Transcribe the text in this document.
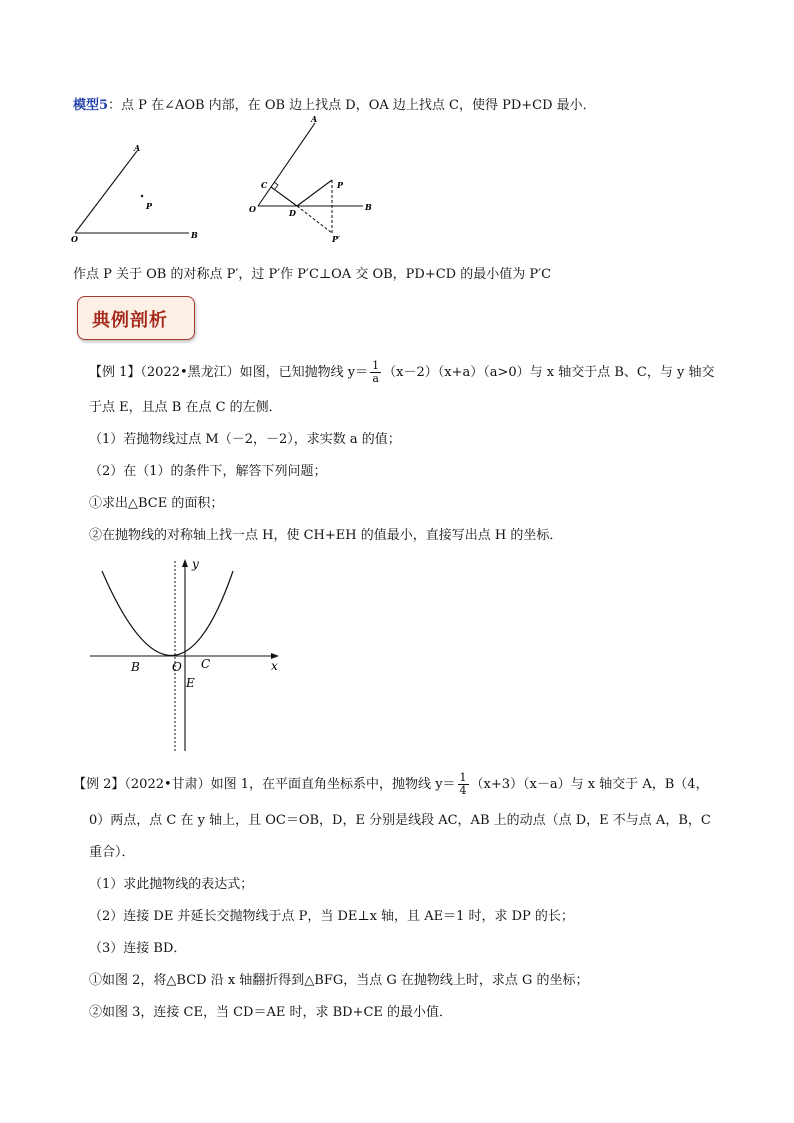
模型5：点 P 在∠AOB 内部，在 OB 边上找点 D，OA 边上找点 C，使得 PD+CD 最小．
A
P
O	B
A
C	P
O	D
B
P′
作点 P 关于 OB 的对称点 P′，过 P′作 P′C⊥OA 交 OB，PD+CD 的最小值为 P′C
典例剖析
【例 1】（2022•黑龙江）如图，已知抛物线 $y= \frac{1}{a} (x-2)(x+a)(a>0)$与 x 轴交于点 B、C，与 y 轴交
于点 E，且点 B 在点 C 的左侧．
（1）若抛物线过点 M（－2，－2），求实数 a 的值；
（2）在（1）的条件下，解答下列问题；
①求出△BCE 的面积；
②在抛物线的对称轴上找一点 H，使 CH+EH 的值最小，直接写出点 H 的坐标．
y
x
B	O C
E
【例 2】（2022•甘肃）如图 1，在平面直角坐标系中，抛物线 $y= \frac{1}{4} (x+3)(x-a)$与 x 轴交于 A，B（4，
0）两点，点 C 在 y 轴上，且 OC＝OB，D，E 分别是线段 AC，AB 上的动点（点 D，E 不与点 A，B，C
重合）．
（1）求此抛物线的表达式；
（2）连接 DE 并延长交抛物线于点 P，当 DE⊥x 轴，且 AE＝1 时，求 DP 的长；
（3）连接 BD．
①如图 2，将△BCD 沿 x 轴翻折得到△BFG，当点 G 在抛物线上时，求点 G 的坐标；
②如图 3，连接 CE，当 CD＝AE 时，求 BD+CE 的最小值．
